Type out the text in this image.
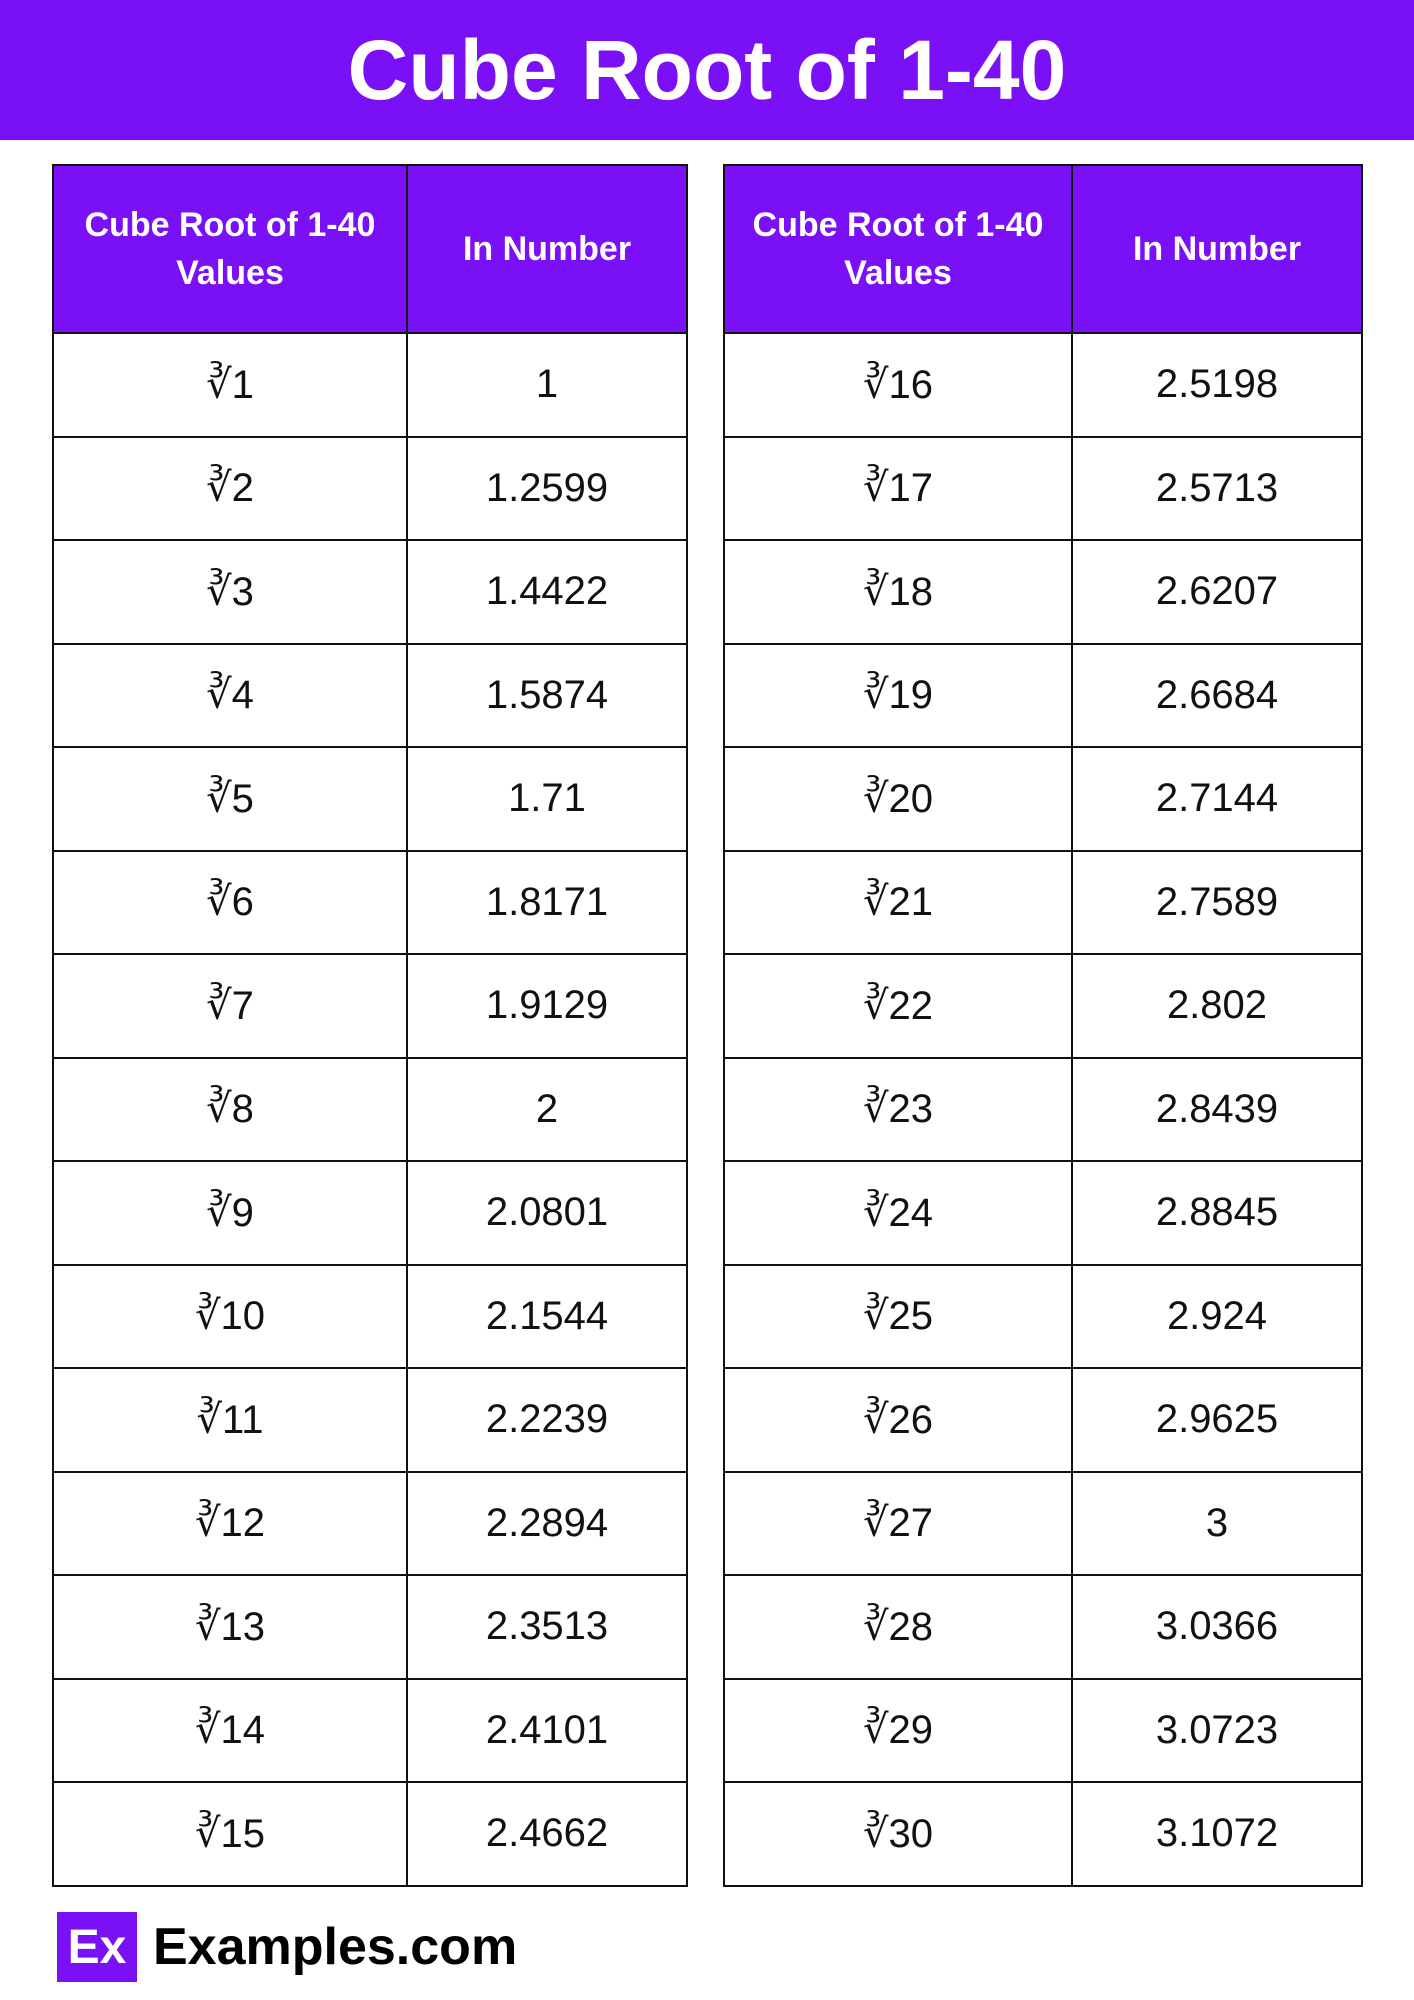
Cube Root of 1-40
Cube Root of 1-40 Values	In Number
∛1	1
∛2	1.2599
∛3	1.4422
∛4	1.5874
∛5	1.71
∛6	1.8171
∛7	1.9129
∛8	2
∛9	2.0801
∛10	2.1544
∛11	2.2239
∛12	2.2894
∛13	2.3513
∛14	2.4101
∛15	2.4662
Cube Root of 1-40 Values	In Number
∛16	2.5198
∛17	2.5713
∛18	2.6207
∛19	2.6684
∛20	2.7144
∛21	2.7589
∛22	2.802
∛23	2.8439
∛24	2.8845
∛25	2.924
∛26	2.9625
∛27	3
∛28	3.0366
∛29	3.0723
∛30	3.1072
Ex Examples.com
